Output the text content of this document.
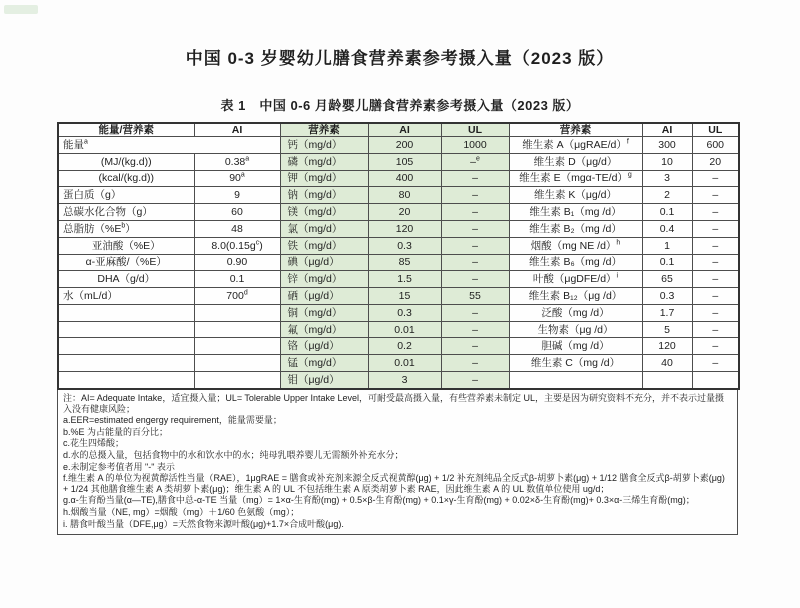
中国 0-3 岁婴幼儿膳食营养素参考摄入量（2023 版）
表 1　中国 0-6 月龄婴儿膳食营养素参考摄入量（2023 版）
能量/营养素	AI	营养素	AI	UL	营养素	AI	UL
能量$^a$		钙（mg/d）	200	1000	维生素 A（μgRAE/d）$^f$	300	600
(MJ/(kg.d))	0.38$^a$	磷（mg/d）	105	–$^e$	维生素 D（μg/d）	10	20
(kcal/(kg.d))	90$^a$	钾（mg/d）	400	–	维生素 $E(mg\alpha-TE/d)^g$	3	–
蛋白质（g）	9	钠（mg/d）	80	–	维生素 K（μg/d）	2	–
总碳水化合物（g）	60	镁（mg/d）	20	–	维生素 B₁（mg /d）	0.1	–
总脂肪$(\%E^b)$	48	氯（mg/d）	120	–	维生素 B₂（mg /d）	0.4	–
亚油酸（%E）	$8.0(0.15g^c)$	铁（mg/d）	0.3	–	烟酸（mg NE /d）$^h$	1	–
α-亚麻酸/（%E）	0.90	碘（μg/d）	85	–	维生素 B₆（mg /d）	0.1	–
DHA（g/d）	0.1	锌（mg/d）	1.5	–	叶酸（μgDFE/d）$^i$	65	–
水（mL/d）	700$^d$	硒（μg/d）	15	55	维生素 B₁₂（μg /d）	0.3	–
		铜（mg/d）	0.3	–	泛酸（mg /d）	1.7	–
		氟（mg/d）	0.01	–	生物素（μg /d）	5	–
		铬（μg/d）	0.2	–	胆碱（mg /d）	120	–
		锰（mg/d）	0.01	–	维生素 C（mg /d）	40	–
		钼（μg/d）	3	–			
注：AI= Adequate Intake，适宜摄入量；UL= Tolerable Upper Intake Level，可耐受最高摄入量，有些营养素未制定 UL，主要是因为研究资料不充分，并不表示过量摄入没有健康风险；
a.EER=estimated engergy requirement，能量需要量；
b.%E 为占能量的百分比；
c.花生四烯酸；
d.水的总摄入量，包括食物中的水和饮水中的水；纯母乳喂养婴儿无需额外补充水分；
e.未制定参考值者用 "-" 表示
f.维生素 A 的单位为视黄醇活性当量（RAE），1μgRAE = 膳食或补充剂来源全反式视黄醇(μg) + 1/2 补充剂纯品全反式β-胡萝卜素(μg) + 1/12 膳食全反式β-胡萝卜素(μg) + 1/24 其他膳食维生素 A 类胡萝卜素(μg)；维生素 A 的 UL 不包括维生素 A 原类胡萝卜素 RAE，因此维生素 A 的 UL 数值单位使用 ug/d；
g.α-生育酚当量(α—TE),膳食中总-α-TE 当量（mg）= 1×α-生育酚(mg) + 0.5×β-生育酚(mg) + 0.1×γ-生育酚(mg) + 0.02×δ-生育酚(mg)+ 0.3×α-三烯生育酚(mg)；
h.烟酸当量（NE, mg）=烟酸（mg）＋1/60 色氨酸（mg）；
i. 膳食叶酸当量（DFE,μg）=天然食物来源叶酸(μg)+1.7×合成叶酸(μg).
